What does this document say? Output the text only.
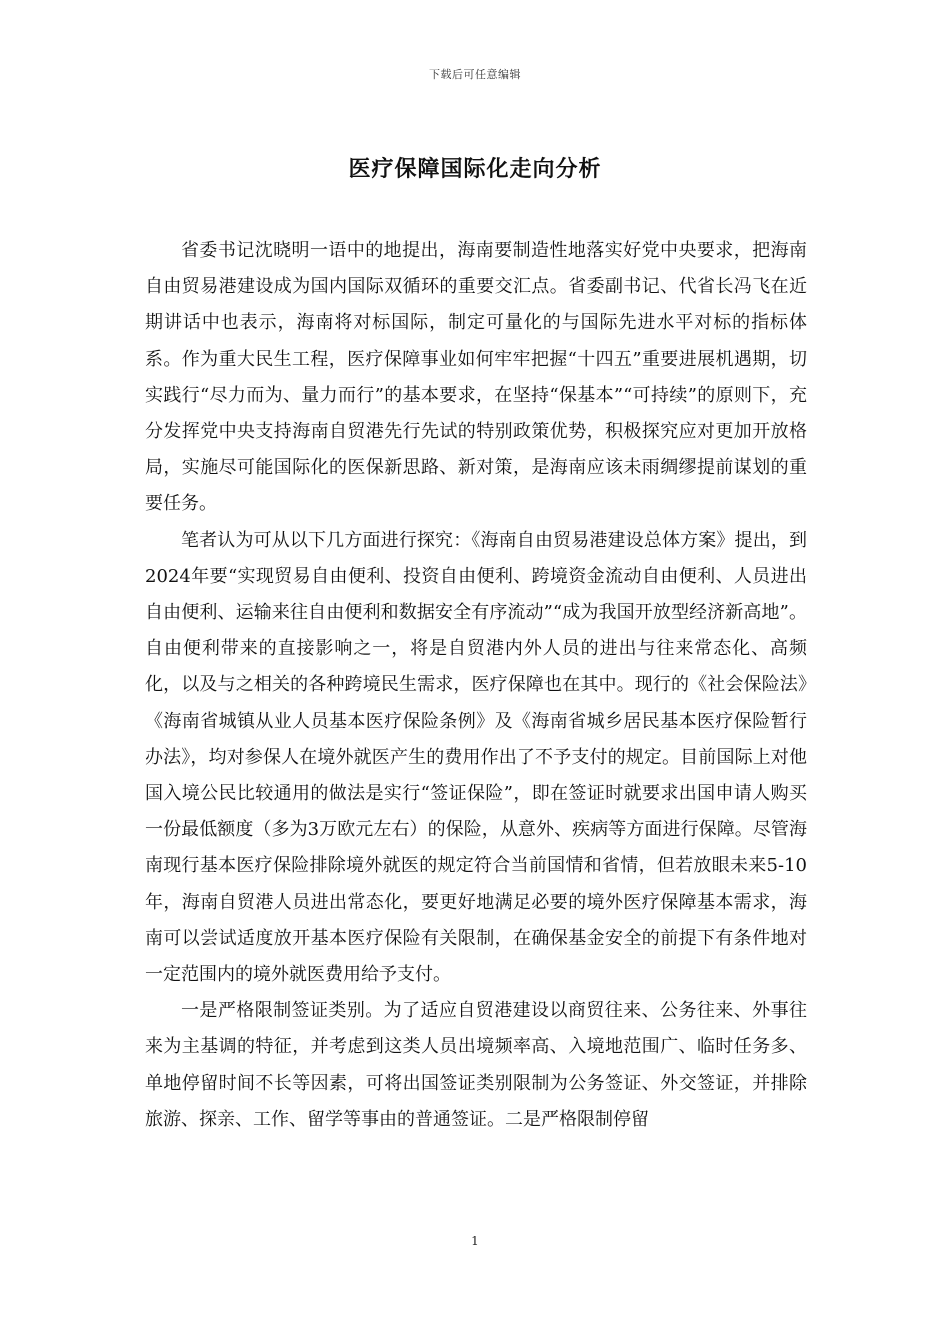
下载后可任意编辑
医疗保障国际化走向分析

省委书记沈晓明一语中的地提出，海南要制造性地落实好党中央要求，把海南自由贸易港建设成为国内国际双循环的重要交汇点。省委副书记、代省长冯飞在近期讲话中也表示，海南将对标国际，制定可量化的与国际先进水平对标的指标体系。作为重大民生工程，医疗保障事业如何牢牢把握“十四五”重要进展机遇期，切实践行“尽力而为、量力而行”的基本要求，在坚持“保基本”“可持续”的原则下，充分发挥党中央支持海南自贸港先行先试的特别政策优势，积极探究应对更加开放格局，实施尽可能国际化的医保新思路、新对策，是海南应该未雨绸缪提前谋划的重要任务。

笔者认为可从以下几方面进行探究：《海南自由贸易港建设总体方案》提出，到2024年要“实现贸易自由便利、投资自由便利、跨境资金流动自由便利、人员进出自由便利、运输来往自由便利和数据安全有序流动”“成为我国开放型经济新高地”。自由便利带来的直接影响之一，将是自贸港内外人员的进出与往来常态化、高频化，以及与之相关的各种跨境民生需求，医疗保障也在其中。现行的《社会保险法》《海南省城镇从业人员基本医疗保险条例》及《海南省城乡居民基本医疗保险暂行办法》，均对参保人在境外就医产生的费用作出了不予支付的规定。目前国际上对他国入境公民比较通用的做法是实行“签证保险”，即在签证时就要求出国申请人购买一份最低额度（多为3万欧元左右）的保险，从意外、疾病等方面进行保障。尽管海南现行基本医疗保险排除境外就医的规定符合当前国情和省情，但若放眼未来5-10年，海南自贸港人员进出常态化，要更好地满足必要的境外医疗保障基本需求，海南可以尝试适度放开基本医疗保险有关限制，在确保基金安全的前提下有条件地对一定范围内的境外就医费用给予支付。

一是严格限制签证类别。为了适应自贸港建设以商贸往来、公务往来、外事往来为主基调的特征，并考虑到这类人员出境频率高、入境地范围广、临时任务多、单地停留时间不长等因素，可将出国签证类别限制为公务签证、外交签证，并排除旅游、探亲、工作、留学等事由的普通签证。二是严格限制停留

1
